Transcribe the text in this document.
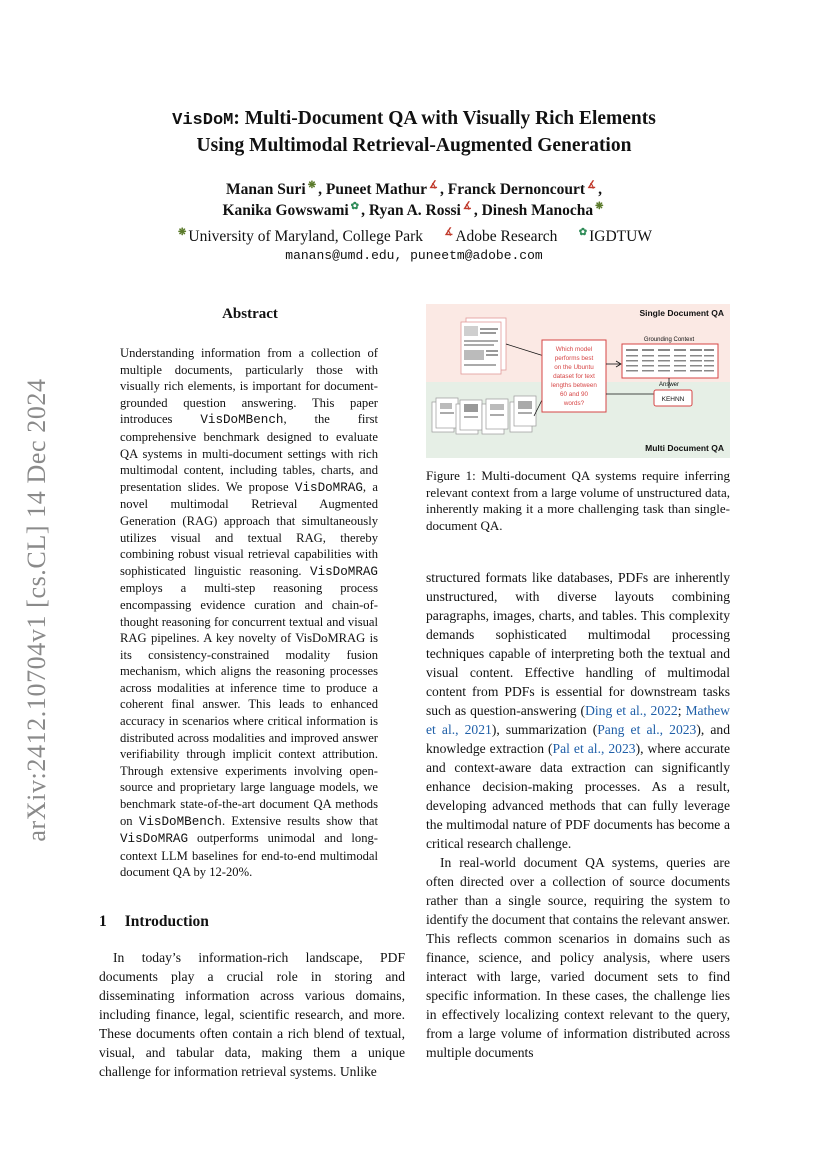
arXiv:2412.10704v1 [cs.CL] 14 Dec 2024
VisDoM: Multi-Document QA with Visually Rich Elements
Using Multimodal Retrieval-Augmented Generation
Manan Suri ❋ , Puneet Mathur ∡ , Franck Dernoncourt ∡ ,
Kanika Gowswami ✿ , Ryan A. Rossi ∡ , Dinesh Manocha ❋
❋ University of Maryland, College Park ∡ Adobe Research ✿ IGDTUW
manans@umd.edu, puneetm@adobe.com
Abstract

Understanding information from a collection of multiple documents, particularly those with visually rich elements, is important for document-grounded question answering. This paper introduces VisDoMBench, the first comprehensive benchmark designed to evaluate QA systems in multi-document settings with rich multimodal content, including tables, charts, and presentation slides. We propose VisDoMRAG, a novel multimodal Retrieval Augmented Generation (RAG) approach that simultaneously utilizes visual and textual RAG, thereby combining robust visual retrieval capabilities with sophisticated linguistic reasoning. VisDoMRAG employs a multi-step reasoning process encompassing evidence curation and chain-of-thought reasoning for concurrent textual and visual RAG pipelines. A key novelty of VisDoMRAG is its consistency-constrained modality fusion mechanism, which aligns the reasoning processes across modalities at inference time to produce a coherent final answer. This leads to enhanced accuracy in scenarios where critical information is distributed across modalities and improved answer verifiability through implicit context attribution. Through extensive experiments involving open-source and proprietary large language models, we benchmark state-of-the-art document QA methods on VisDoMBench. Extensive results show that VisDoMRAG outperforms unimodal and long-context LLM baselines for end-to-end multimodal document QA by 12-20%.

1 Introduction

In today’s information-rich landscape, PDF documents play a crucial role in storing and disseminating information across various domains, including finance, legal, scientific research, and more. These documents often contain a rich blend of textual, visual, and tabular data, making them a unique challenge for information retrieval systems. Unlike

Single Document QA
Multi Document QA
Which model
performs best
on the Ubuntu
dataset for text
lengths between
60 and 90
words?
Grounding Context
Answer
KEHNN
Figure 1: Multi-document QA systems require inferring relevant context from a large volume of unstructured data, inherently making it a more challenging task than single-document QA.

structured formats like databases, PDFs are inherently unstructured, with diverse layouts combining paragraphs, images, charts, and tables. This complexity demands sophisticated multimodal processing techniques capable of interpreting both the textual and visual content. Effective handling of multimodal content from PDFs is essential for downstream tasks such as question-answering (Ding et al., 2022; Mathew et al., 2021), summarization (Pang et al., 2023), and knowledge extraction (Pal et al., 2023), where accurate and context-aware data extraction can significantly enhance decision-making processes. As a result, developing advanced methods that can fully leverage the multimodal nature of PDF documents has become a critical research challenge.

In real-world document QA systems, queries are often directed over a collection of source documents rather than a single source, requiring the system to identify the document that contains the relevant answer. This reflects common scenarios in domains such as finance, science, and policy analysis, where users interact with large, varied document sets to find specific information. In these cases, the challenge lies in effectively localizing context relevant to the query, from a large volume of information distributed across multiple documents
